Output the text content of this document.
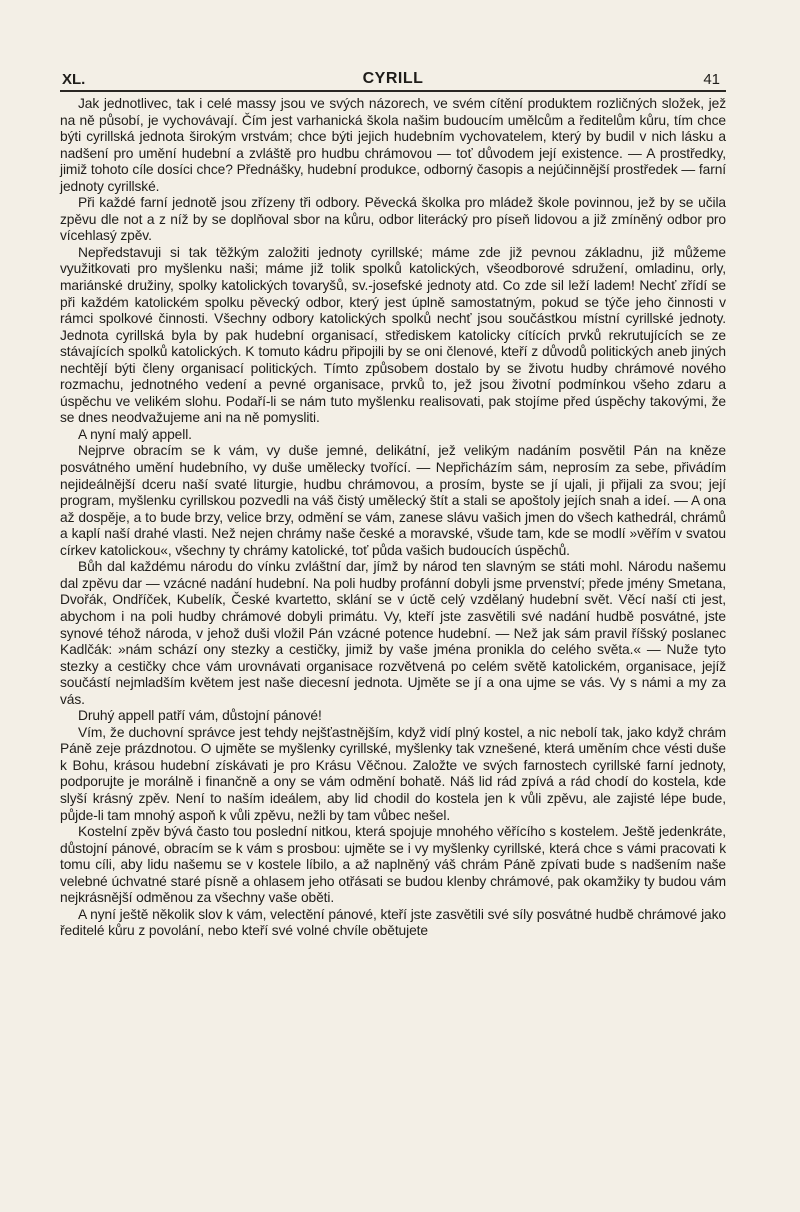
XL.	CYRILL	41

Jak jednotlivec, tak i celé massy jsou ve svých názorech, ve svém cítění produktem rozličných složek, jež na ně působí, je vychovávají. Čím jest varhanická škola našim budoucím umělcům a ředitelům kůru, tím chce býti cyrillská jednota širokým vrstvám; chce býti jejich hudebním vychovatelem, který by budil v nich lásku a nadšení pro umění hudební a zvláště pro hudbu chrámovou — toť důvodem její existence. — A prostředky, jimiž tohoto cíle dosíci chce? Přednášky, hudební produkce, odborný časopis a nejúčinnější prostředek — farní jednoty cyrillské.

Při každé farní jednotě jsou zřízeny tři odbory. Pěvecká školka pro mládež škole povinnou, jež by se učila zpěvu dle not a z níž by se doplňoval sbor na kůru, odbor literácký pro píseň lidovou a již zmíněný odbor pro vícehlasý zpěv.

Nepředstavuji si tak těžkým založiti jednoty cyrillské; máme zde již pevnou základnu, již můžeme využitkovati pro myšlenku naši; máme již tolik spolků katolických, všeodborové sdružení, omladinu, orly, mariánské družiny, spolky katolických tovaryšů, sv.-josefské jednoty atd. Co zde sil leží ladem! Nechť zřídí se při každém katolickém spolku pěvecký odbor, který jest úplně samostatným, pokud se týče jeho činnosti v rámci spolkové činnosti. Všechny odbory katolických spolků nechť jsou součástkou místní cyrillské jednoty. Jednota cyrillská byla by pak hudební organisací, střediskem katolicky cítících prvků rekrutujících se ze stávajících spolků katolických. K tomuto kádru připojili by se oni členové, kteří z důvodů politických aneb jiných nechtějí býti členy organisací politických. Tímto způsobem dostalo by se životu hudby chrámové nového rozmachu, jednotného vedení a pevné organisace, prvků to, jež jsou životní podmínkou všeho zdaru a úspěchu ve velikém slohu. Podaří-li se nám tuto myšlenku realisovati, pak stojíme před úspěchy takovými, že se dnes neodvažujeme ani na ně pomysliti.

A nyní malý appell.

Nejprve obracím se k vám, vy duše jemné, delikátní, jež velikým nadáním posvětil Pán na kněze posvátného umění hudebního, vy duše umělecky tvořící. — Nepřicházím sám, neprosím za sebe, přivádím nejideálnější dceru naší svaté liturgie, hudbu chrámovou, a prosím, byste se jí ujali, ji přijali za svou; její program, myšlenku cyrillskou pozvedli na váš čistý umělecký štít a stali se apoštoly jejích snah a ideí. — A ona až dospěje, a to bude brzy, velice brzy, odmění se vám, zanese slávu vašich jmen do všech kathedrál, chrámů a kaplí naší drahé vlasti. Než nejen chrámy naše české a moravské, všude tam, kde se modlí »věřím v svatou církev katolickou«, všechny ty chrámy katolické, toť půda vašich budoucích úspěchů.

Bůh dal každému národu do vínku zvláštní dar, jímž by národ ten slavným se státi mohl. Národu našemu dal zpěvu dar — vzácné nadání hudební. Na poli hudby profánní dobyli jsme prvenství; přede jmény Smetana, Dvořák, Ondříček, Kubelík, České kvartetto, sklání se v úctě celý vzdělaný hudební svět. Věcí naší cti jest, abychom i na poli hudby chrámové dobyli primátu. Vy, kteří jste zasvětili své nadání hudbě posvátné, jste synové téhož národa, v jehož duši vložil Pán vzácné potence hudební. — Než jak sám pravil říšský poslanec Kadlčák: »nám schází ony stezky a cestičky, jimiž by vaše jména pronikla do celého světa.« — Nuže tyto stezky a cestičky chce vám urovnávati organisace rozvětvená po celém světě katolickém, organisace, jejíž součástí nejmladším květem jest naše diecesní jednota. Ujměte se jí a ona ujme se vás. Vy s námi a my za vás.

Druhý appell patří vám, důstojní pánové!

Vím, že duchovní správce jest tehdy nejšťastnějším, když vidí plný kostel, a nic nebolí tak, jako když chrám Páně zeje prázdnotou. O ujměte se myšlenky cyrillské, myšlenky tak vznešené, která uměním chce vésti duše k Bohu, krásou hudební získávati je pro Krásu Věčnou. Založte ve svých farnostech cyrillské farní jednoty, podporujte je morálně i finančně a ony se vám odmění bohatě. Náš lid rád zpívá a rád chodí do kostela, kde slyší krásný zpěv. Není to naším ideálem, aby lid chodil do kostela jen k vůli zpěvu, ale zajisté lépe bude, půjde-li tam mnohý aspoň k vůli zpěvu, nežli by tam vůbec nešel.

Kostelní zpěv bývá často tou poslední nitkou, která spojuje mnohého věřícího s kostelem. Ještě jedenkráte, důstojní pánové, obracím se k vám s prosbou: ujměte se i vy myšlenky cyrillské, která chce s vámi pracovati k tomu cíli, aby lidu našemu se v kostele líbilo, a až naplněný váš chrám Páně zpívati bude s nadšením naše velebné úchvatné staré písně a ohlasem jeho otřásati se budou klenby chrámové, pak okamžiky ty budou vám nejkrásnější odměnou za všechny vaše oběti.

A nyní ještě několik slov k vám, velectění pánové, kteří jste zasvětili své síly posvátné hudbě chrámové jako ředitelé kůru z povolání, nebo kteří své volné chvíle obětujete
